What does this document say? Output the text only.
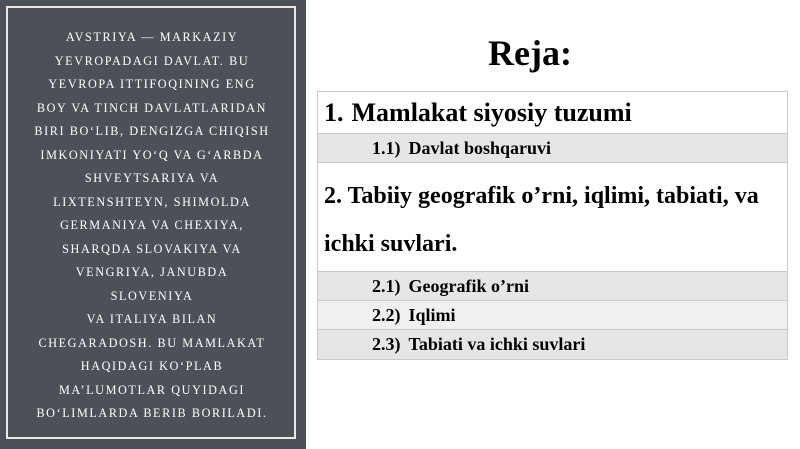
AVSTRIYA — MARKAZIY
YEVROPADAGI DAVLAT. BU
YEVROPA ITTIFOQINING ENG
BOY VA TINCH DAVLATLARIDAN
BIRI BO‘LIB, DENGIZGA CHIQISH
IMKONIYATI YO‘Q VA G‘ARBDA
SHVEYTSARIYA VA
LIXTENSHTEYN, SHIMOLDA
GERMANIYA VA CHEXIYA,
SHARQDA SLOVAKIYA VA
VENGRIYA, JANUBDA
SLOVENIYA
VA ITALIYA BILAN
CHEGARADOSH. BU MAMLAKAT
HAQIDAGI KO‘PLAB
MA’LUMOTLAR QUYIDAGI
BO‘LIMLARDA BERIB BORILADI.
Reja:
1. Mamlakat siyosiy tuzumi
1.1) Davlat boshqaruvi
2. Tabiiy geografik o’rni, iqlimi, tabiati, va ichki suvlari.
2.1) Geografik o’rni
2.2) Iqlimi
2.3) Tabiati va ichki suvlari
